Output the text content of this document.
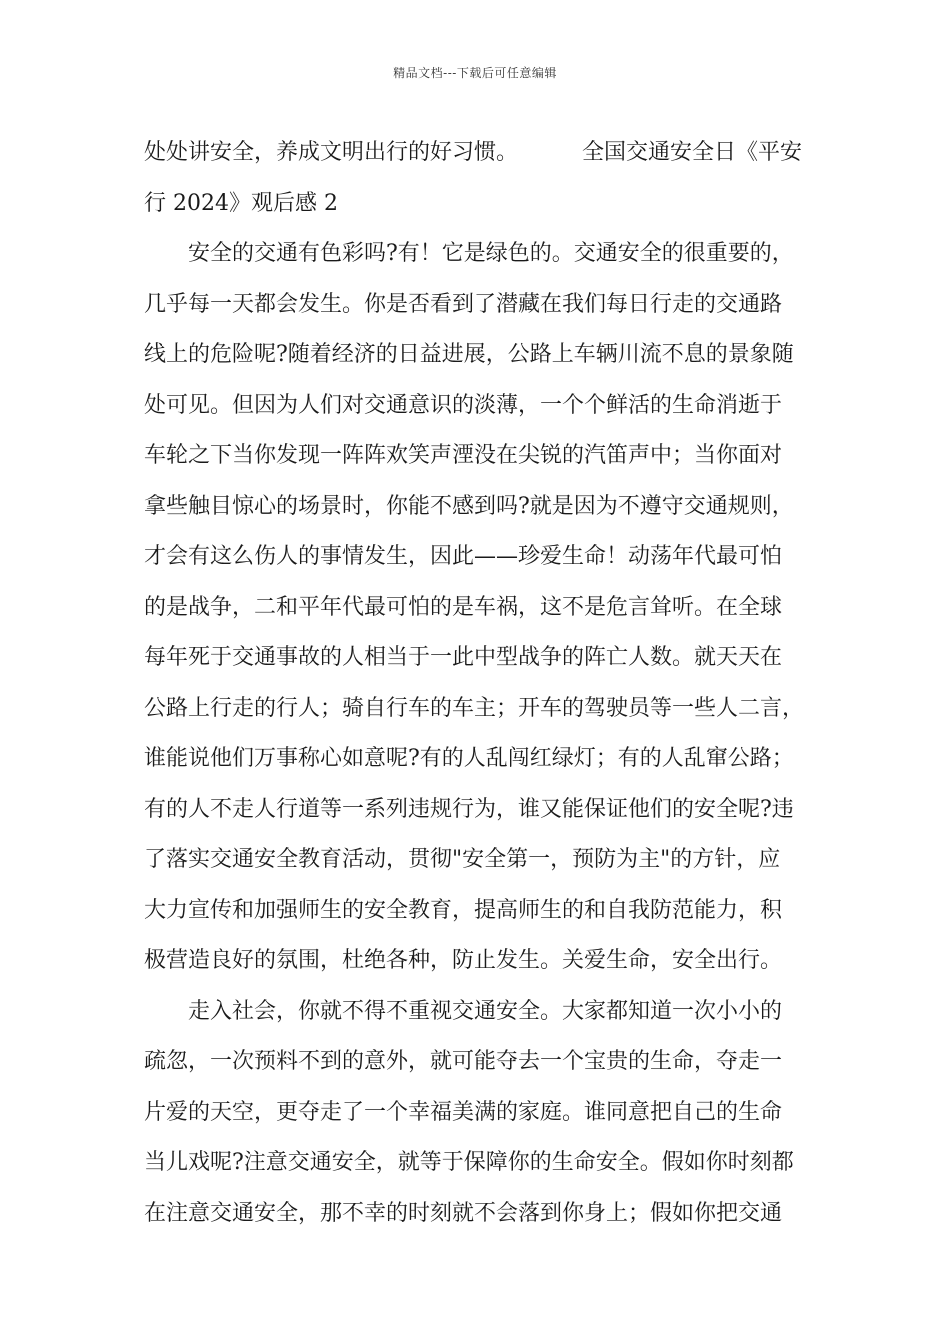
精品文档---下载后可任意编辑
处处讲安全，养成文明出行的好习惯。	全国交通安全日《平安
行 2024》观后感 2
安全的交通有色彩吗?有！它是绿色的。交通安全的很重要的，
几乎每一天都会发生。你是否看到了潜藏在我们每日行走的交通路
线上的危险呢?随着经济的日益进展，公路上车辆川流不息的景象随
处可见。但因为人们对交通意识的淡薄，一个个鲜活的生命消逝于
车轮之下当你发现一阵阵欢笑声湮没在尖锐的汽笛声中；当你面对
拿些触目惊心的场景时，你能不感到吗?就是因为不遵守交通规则，
才会有这么伤人的事情发生，因此——珍爱生命！动荡年代最可怕
的是战争，二和平年代最可怕的是车祸，这不是危言耸听。在全球
每年死于交通事故的人相当于一此中型战争的阵亡人数。就天天在
公路上行走的行人；骑自行车的车主；开车的驾驶员等一些人二言，
谁能说他们万事称心如意呢?有的人乱闯红绿灯；有的人乱窜公路；
有的人不走人行道等一系列违规行为，谁又能保证他们的安全呢?违
了落实交通安全教育活动，贯彻"安全第一，预防为主"的方针，应
大力宣传和加强师生的安全教育，提高师生的和自我防范能力，积
极营造良好的氛围，杜绝各种，防止发生。关爱生命，安全出行。
走入社会，你就不得不重视交通安全。大家都知道一次小小的
疏忽，一次预料不到的意外，就可能夺去一个宝贵的生命，夺走一
片爱的天空，更夺走了一个幸福美满的家庭。谁同意把自己的生命
当儿戏呢?注意交通安全，就等于保障你的生命安全。假如你时刻都
在注意交通安全，那不幸的时刻就不会落到你身上；假如你把交通
